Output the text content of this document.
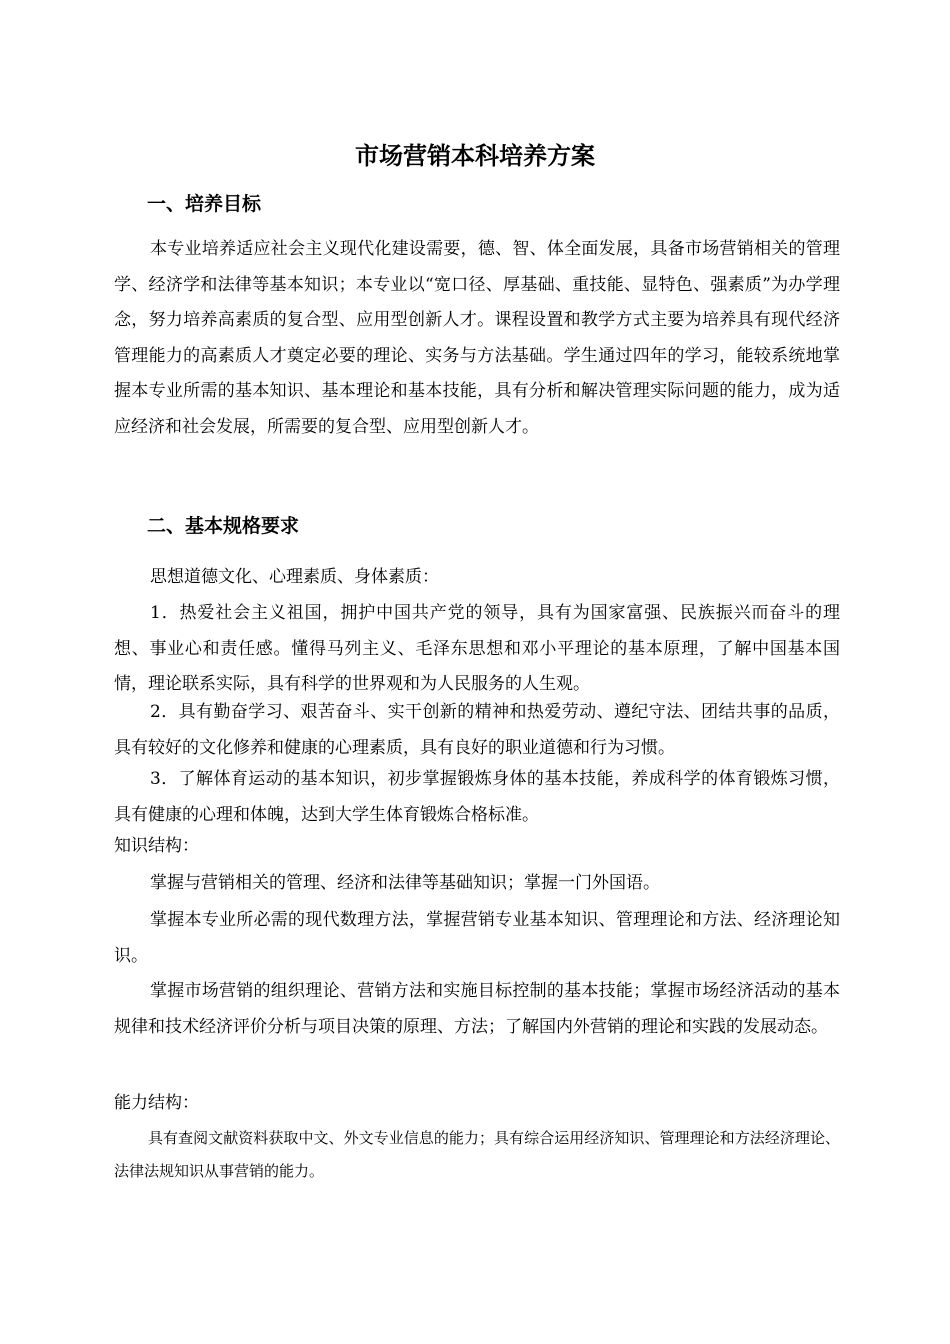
市场营销本科培养方案
一、培养目标

本专业培养适应社会主义现代化建设需要，德、智、体全面发展，具备市场营销相关的管理学、经济学和法律等基本知识；本专业以“宽口径、厚基础、重技能、显特色、强素质”为办学理念，努力培养高素质的复合型、应用型创新人才。课程设置和教学方式主要为培养具有现代经济管理能力的高素质人才奠定必要的理论、实务与方法基础。学生通过四年的学习，能较系统地掌握本专业所需的基本知识、基本理论和基本技能，具有分析和解决管理实际问题的能力，成为适应经济和社会发展，所需要的复合型、应用型创新人才。

二、基本规格要求

思想道德文化、心理素质、身体素质：

1．热爱社会主义祖国，拥护中国共产党的领导，具有为国家富强、民族振兴而奋斗的理想、事业心和责任感。懂得马列主义、毛泽东思想和邓小平理论的基本原理，了解中国基本国情，理论联系实际，具有科学的世界观和为人民服务的人生观。

2．具有勤奋学习、艰苦奋斗、实干创新的精神和热爱劳动、遵纪守法、团结共事的品质，具有较好的文化修养和健康的心理素质，具有良好的职业道德和行为习惯。

3．了解体育运动的基本知识，初步掌握锻炼身体的基本技能，养成科学的体育锻炼习惯，具有健康的心理和体魄，达到大学生体育锻炼合格标准。

知识结构：

掌握与营销相关的管理、经济和法律等基础知识；掌握一门外国语。

掌握本专业所必需的现代数理方法，掌握营销专业基本知识、管理理论和方法、经济理论知识。

掌握市场营销的组织理论、营销方法和实施目标控制的基本技能；掌握市场经济活动的基本规律和技术经济评价分析与项目决策的原理、方法；了解国内外营销的理论和实践的发展动态。

能力结构：

具有查阅文献资料获取中文、外文专业信息的能力；具有综合运用经济知识、管理理论和方法经济理论、法律法规知识从事营销的能力。
